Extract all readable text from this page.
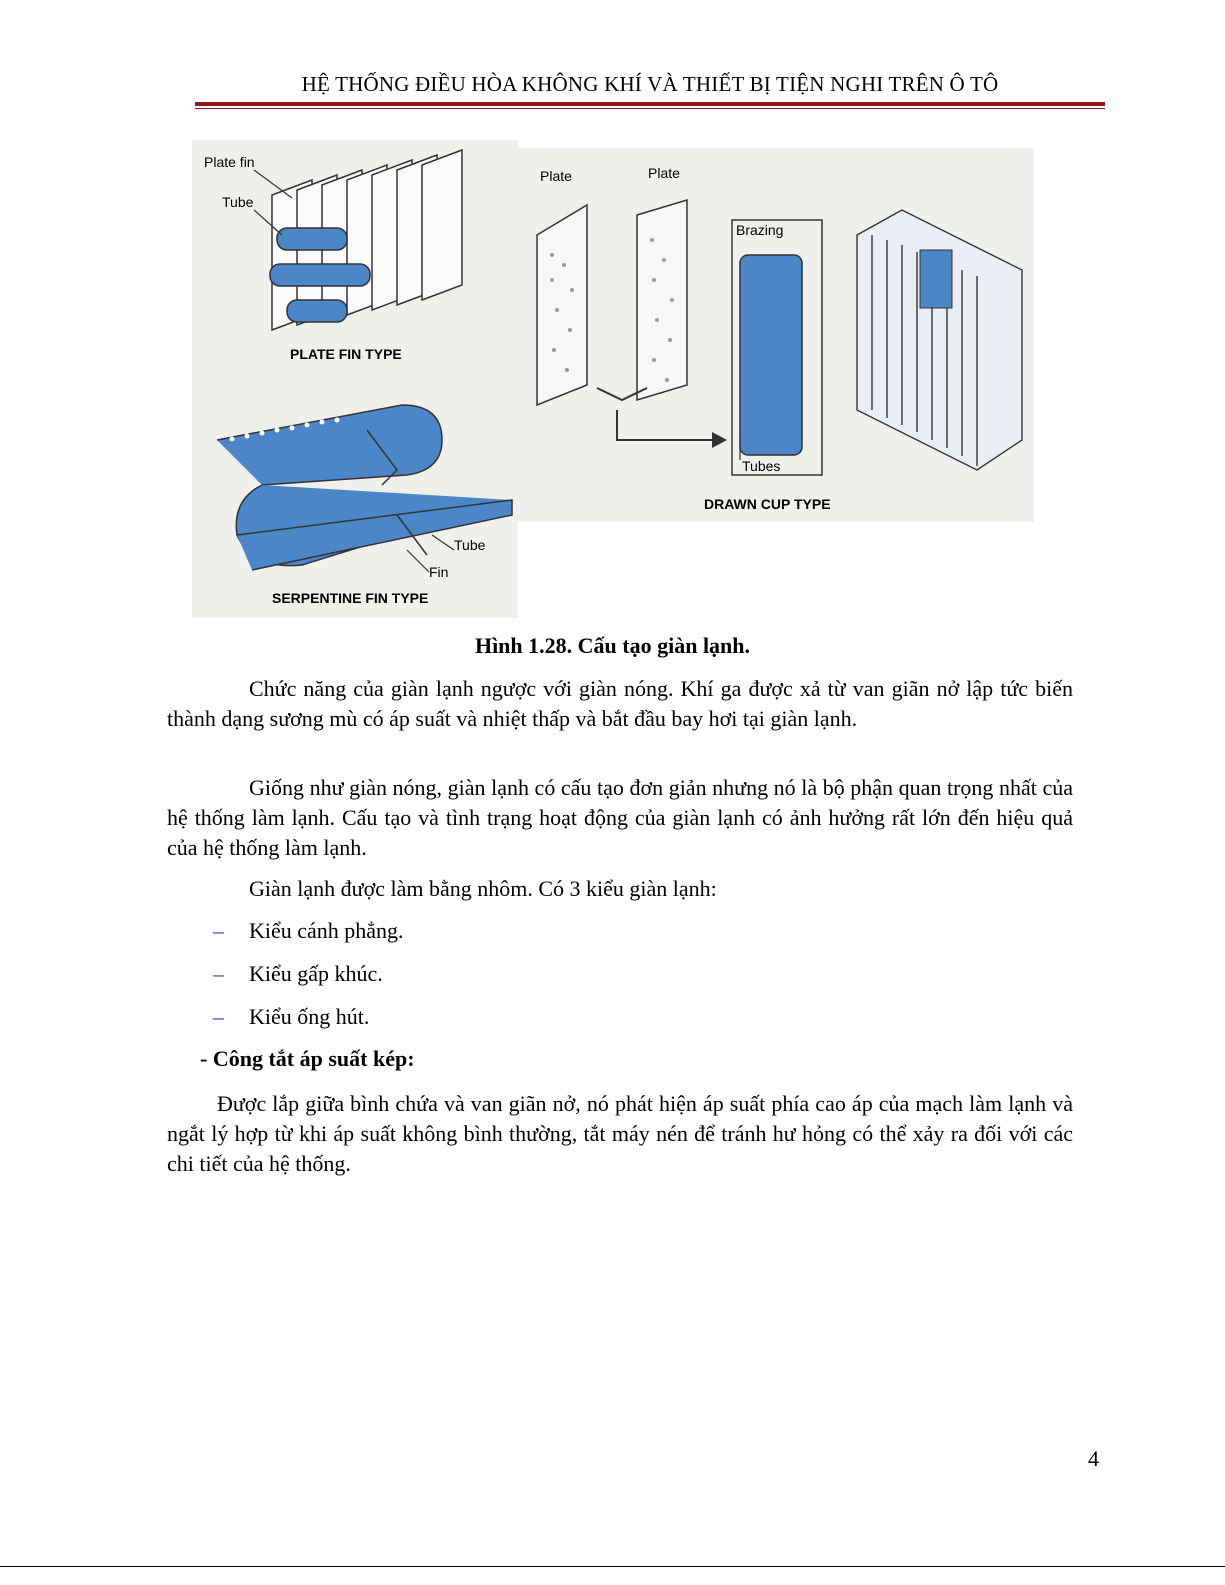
HỆ THỐNG ĐIỀU HÒA KHÔNG KHÍ VÀ THIẾT BỊ TIỆN NGHI TRÊN Ô TÔ
Plate fin
Tube
PLATE FIN TYPE
Plate	Plate
Brazing
Tubes
DRAWN CUP TYPE
Tube
Fin
SERPENTINE FIN TYPE
Hình 1.28. Cấu tạo giàn lạnh.
Chức năng của giàn lạnh ngược với giàn nóng. Khí ga được xả từ van giãn nở lập tức biến thành dạng sương mù có áp suất và nhiệt thấp và bắt đầu bay hơi tại giàn lạnh.
Giống như giàn nóng, giàn lạnh có cấu tạo đơn giản nhưng nó là bộ phận quan trọng nhất của hệ thống làm lạnh. Cấu tạo và tình trạng hoạt động của giàn lạnh có ảnh hưởng rất lớn đến hiệu quả của hệ thống làm lạnh.
Giàn lạnh được làm bằng nhôm. Có 3 kiểu giàn lạnh:
– Kiểu cánh phẳng.
– Kiểu gấp khúc.
– Kiểu ống hút.
- Công tắt áp suất kép:
Được lắp giữa bình chứa và van giãn nở, nó phát hiện áp suất phía cao áp của mạch làm lạnh và ngắt lý hợp từ khi áp suất không bình thường, tắt máy nén để tránh hư hỏng có thể xảy ra đối với các chi tiết của hệ thống.
4
